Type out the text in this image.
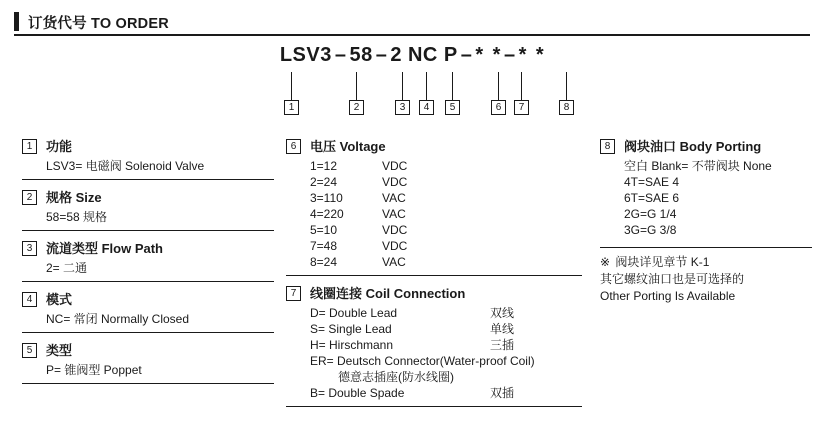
订货代号 TO ORDER
LSV3 – 58 – 2 NC P – * * – * *
1	2	3	4	5	6	7	8
1	功能
LSV3= 电磁阀 Solenoid Valve
2	规格 Size
58=58 规格
3	流道类型 Flow Path
2= 二通
4	模式
NC= 常闭 Normally Closed
5	类型
P= 锥阀型 Poppet
6	电压 Voltage
1=12	VDC
2=24	VDC
3=110	VAC
4=220	VAC
5=10	VDC
7=48	VDC
8=24	VAC
7	线圈连接 Coil Connection
D= Double Lead	双线
S= Single Lead	单线
H= Hirschmann	三插
ER= Deutsch Connector(Water-proof Coil)
德意志插座(防水线圈)
B= Double Spade	双插
8	阀块油口 Body Porting
空白 Blank= 不带阀块 None
4T=SAE 4
6T=SAE 6
2G=G 1/4
3G=G 3/8
※ 阀块详见章节 K-1
其它螺纹油口也是可选择的
Other Porting Is Available
